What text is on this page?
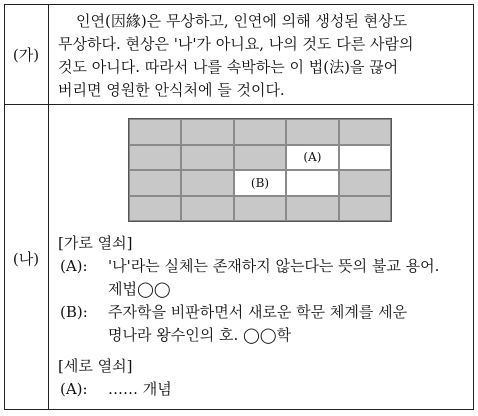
(가)
(나)

인연(因緣)은 무상하고, 인연에 의해 생성된 현상도

무상하다. 현상은 '나'가 아니요, 나의 것도 다른 사람의

것도 아니다. 따라서 나를 속박하는 이 법(法)을 끊어

버리면 영원한 안식처에 들 것이다.

(A)
(B)
[가로 열쇠]
(A): '나'라는 실체는 존재하지 않는다는 뜻의 불교 용어.
제법◯◯
(B): 주자학을 비판하면서 새로운 학문 체계를 세운
명나라 왕수인의 호. ◯◯학
[세로 열쇠]
(A): …… 개념
